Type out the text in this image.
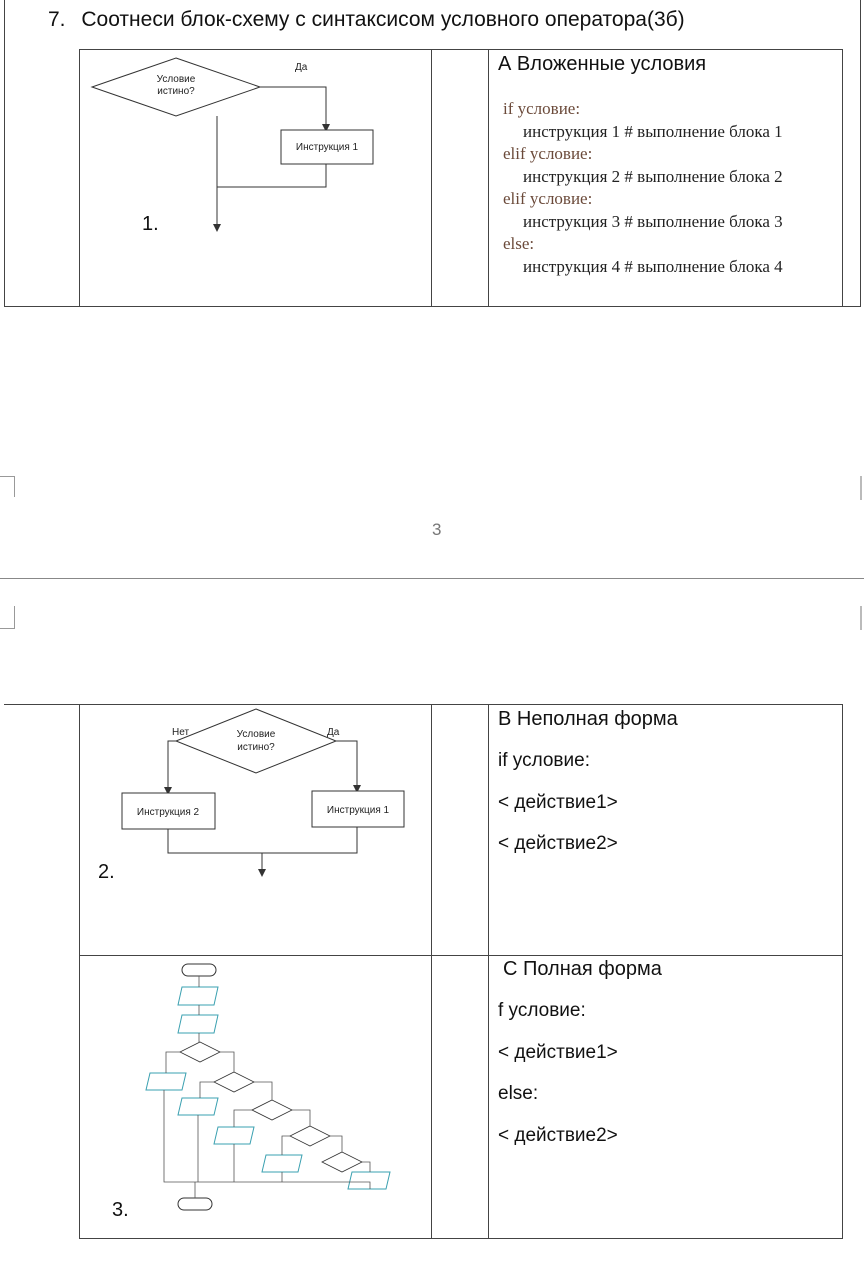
7. Соотнеси блок-схему с синтаксисом условного оператора(3б)
Условие
истино?
Да
Инструкция 1
1.
А Вложенные условия
if условие:
инструкция 1 # выполнение блока 1
elif условие:
инструкция 2 # выполнение блока 2
elif условие:
инструкция 3 # выполнение блока 3
else:
инструкция 4 # выполнение блока 4
3
Условие
истино?
Нет	Да
Инструкция 2	Инструкция 1
2.
В Неполная форма
if условие:
< действие1>
< действие2>
3.
С Полная форма
f условие:
< действие1>
else:
< действие2>
